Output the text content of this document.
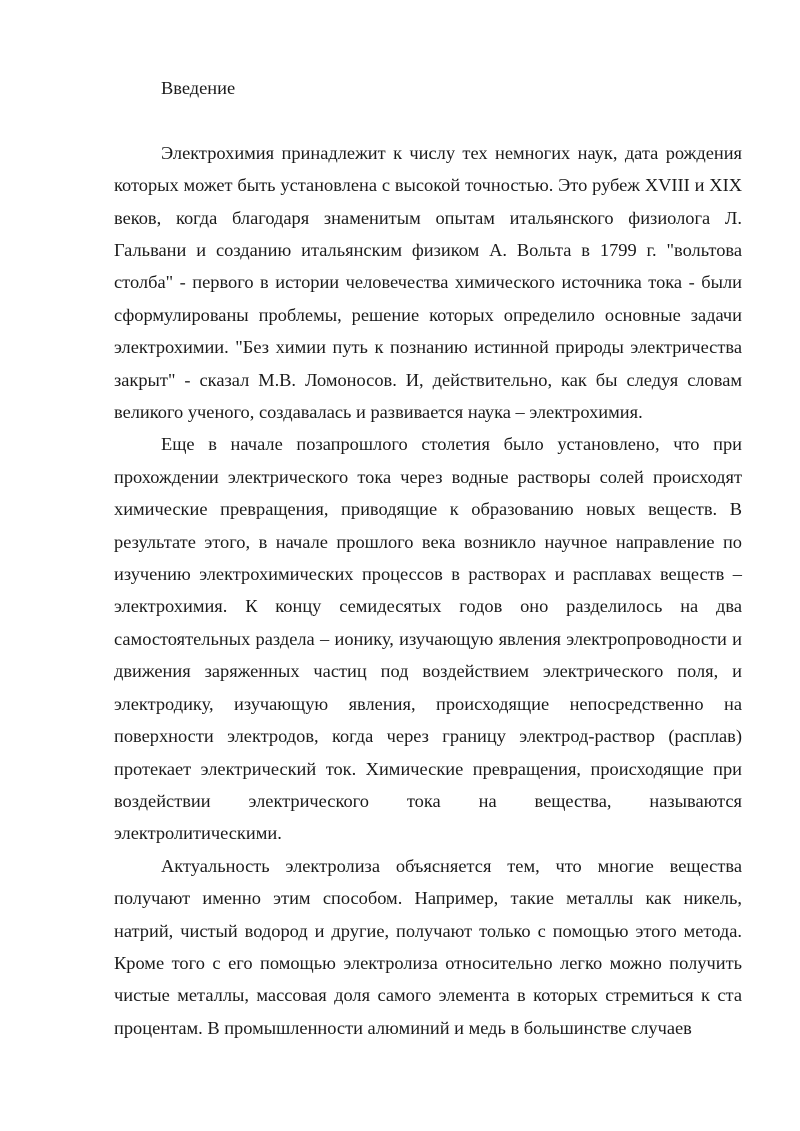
Введение

Электрохимия принадлежит к числу тех немногих наук, дата рождения которых может быть установлена с высокой точностью. Это рубеж XVIII и XIX веков, когда благодаря знаменитым опытам итальянского физиолога Л. Гальвани и созданию итальянским физиком А. Вольта в 1799 г. "вольтова столба" - первого в истории человечества химического источника тока - были сформулированы проблемы, решение которых определило основные задачи электрохимии. "Без химии путь к познанию истинной природы электричества закрыт" - сказал М.В. Ломоносов. И, действительно, как бы следуя словам великого ученого, создавалась и развивается наука – электрохимия.

Еще в начале позапрошлого столетия было установлено, что при прохождении электрического тока через водные растворы солей происходят химические превращения, приводящие к образованию новых веществ. В результате этого, в начале прошлого века возникло научное направление по изучению электрохимических процессов в растворах и расплавах веществ – электрохимия. К концу семидесятых годов оно разделилось на два самостоятельных раздела – ионику, изучающую явления электропроводности и движения заряженных частиц под воздействием электрического поля, и электродику, изучающую явления, происходящие непосредственно на поверхности электродов, когда через границу электрод-раствор (расплав) протекает электрический ток. Химические превращения, происходящие при воздействии электрического тока на вещества, называются электролитическими.

Актуальность электролиза объясняется тем, что многие вещества получают именно этим способом. Например, такие металлы как никель, натрий, чистый водород и другие, получают только с помощью этого метода. Кроме того с его помощью электролиза относительно легко можно получить чистые металлы, массовая доля самого элемента в которых стремиться к ста процентам. В промышленности алюминий и медь в большинстве случаев
